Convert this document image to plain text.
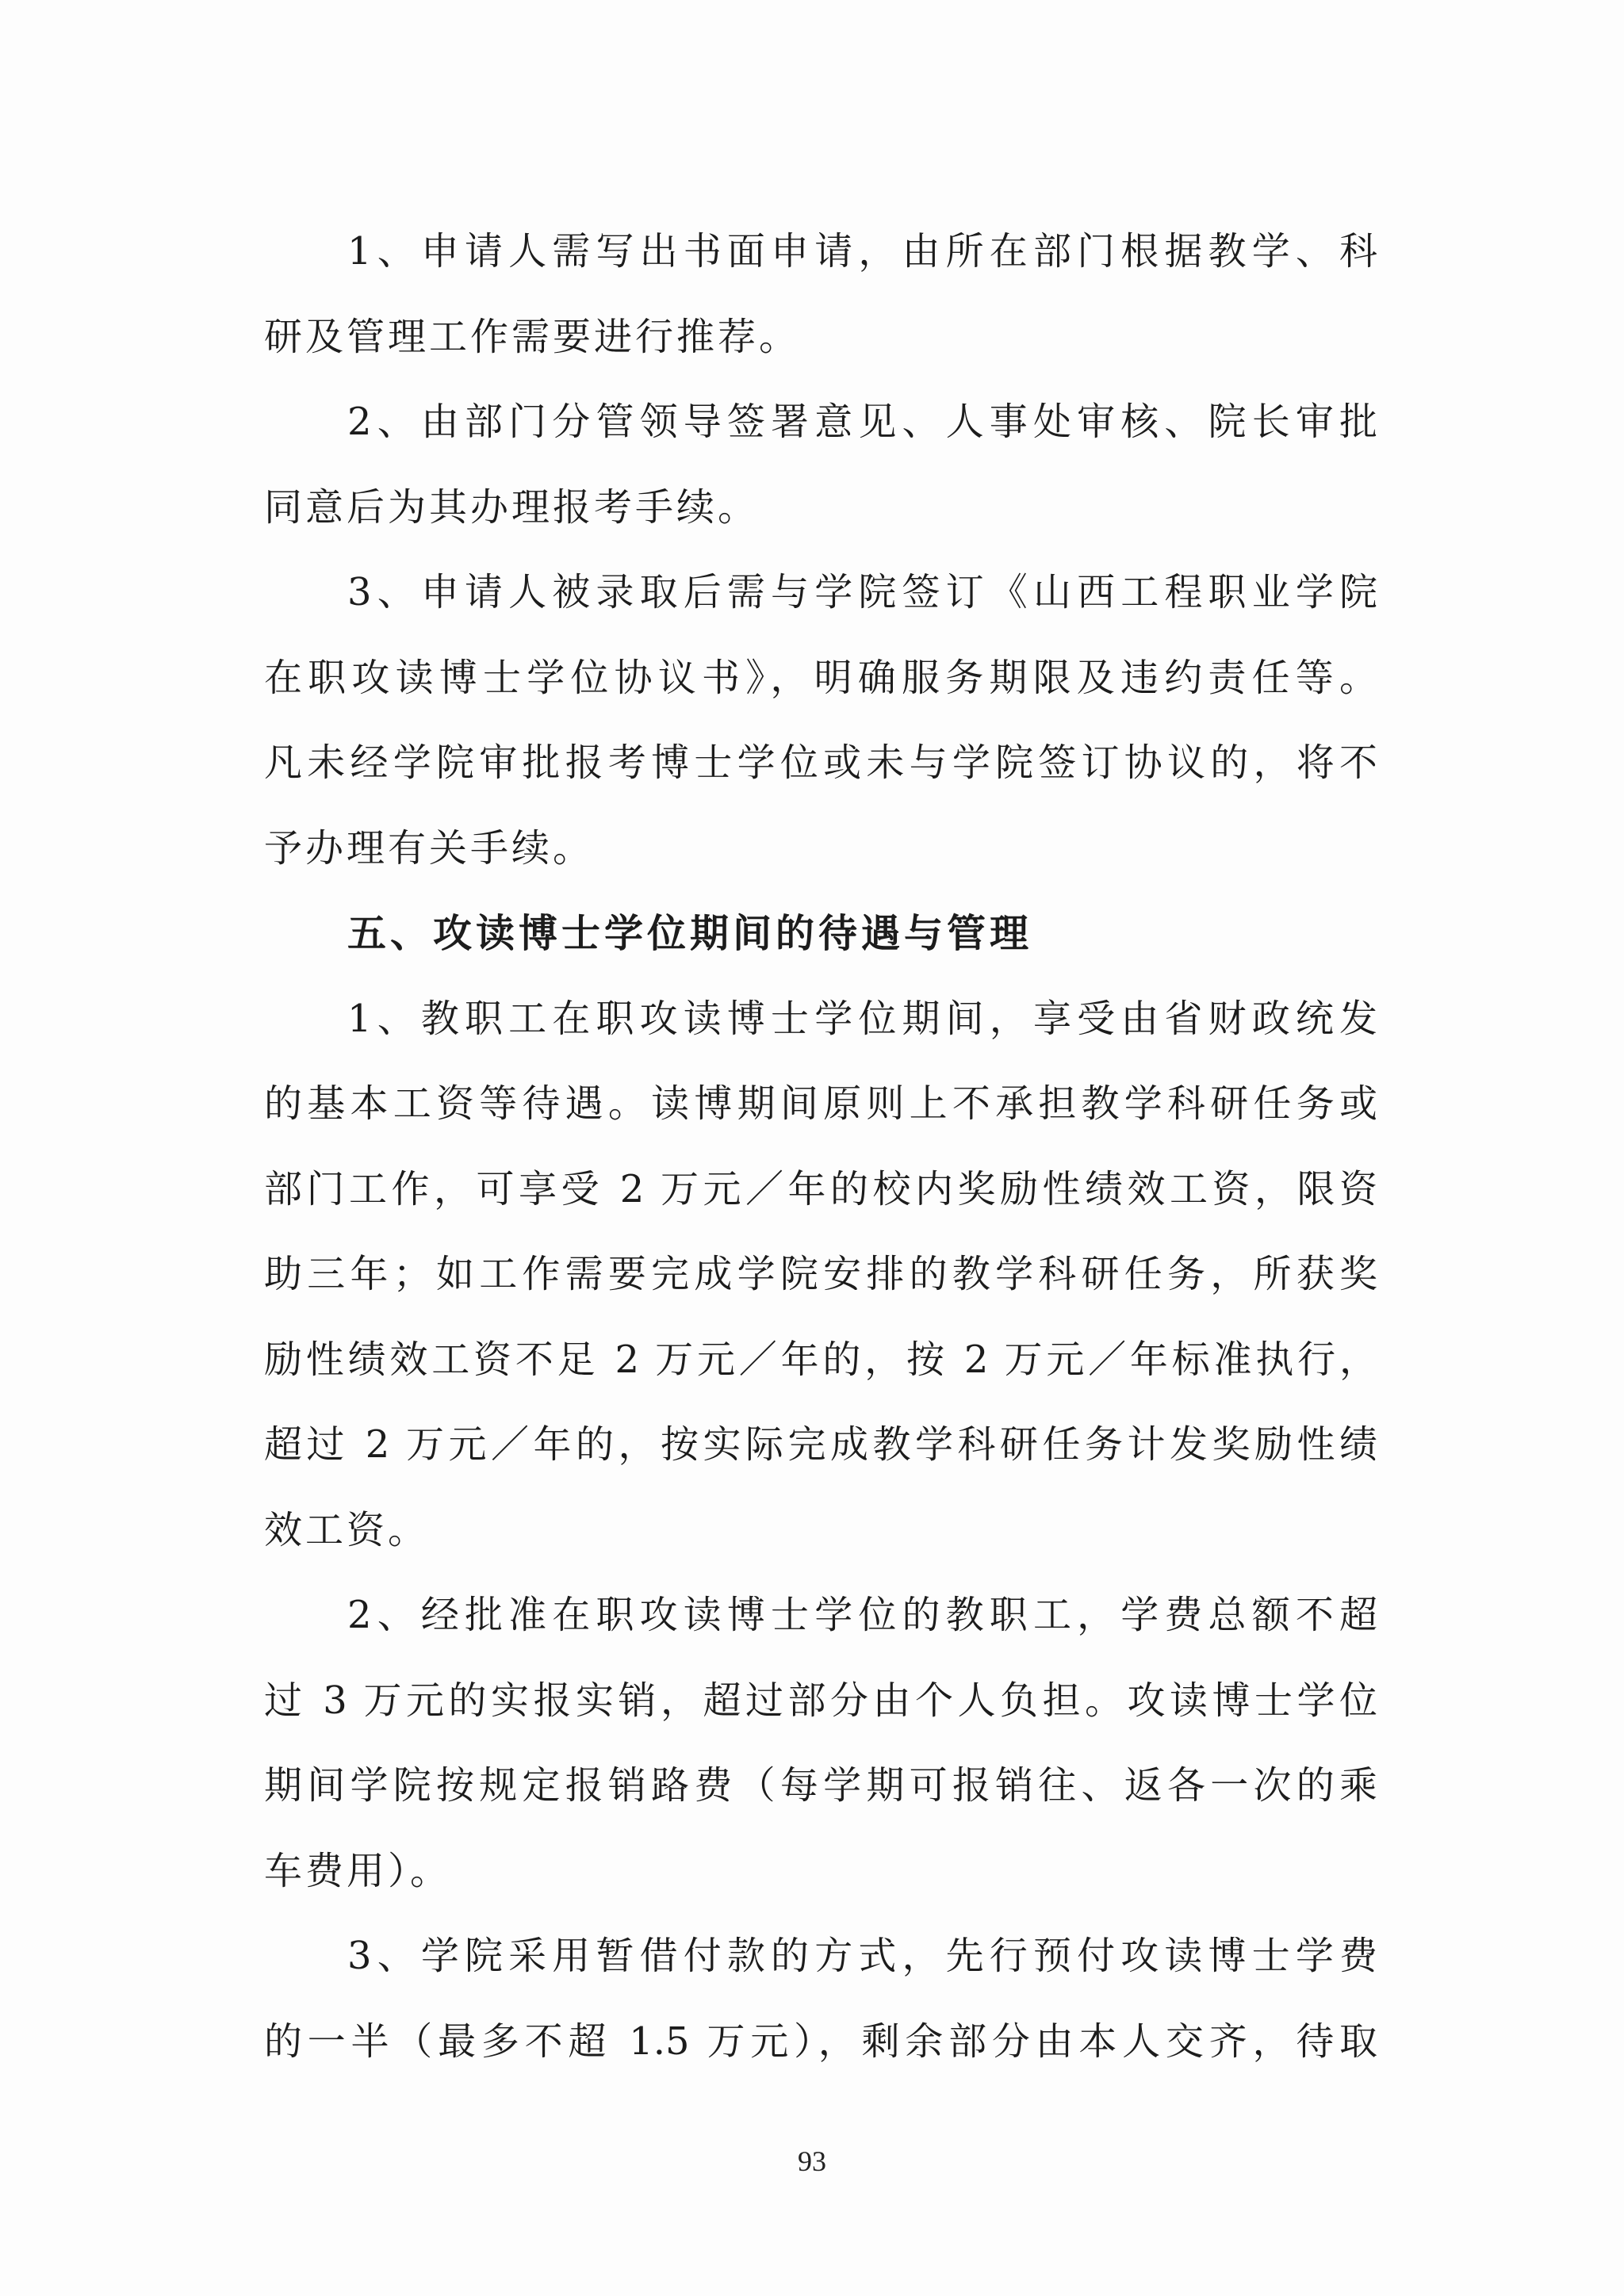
1、申请人需写出书面申请，由所在部门根据教学、科
研及管理工作需要进行推荐。
2、由部门分管领导签署意见、人事处审核、院长审批
同意后为其办理报考手续。
3、申请人被录取后需与学院签订《山西工程职业学院
在职攻读博士学位协议书》，明确服务期限及违约责任等。
凡未经学院审批报考博士学位或未与学院签订协议的，将不
予办理有关手续。
五、攻读博士学位期间的待遇与管理
1、教职工在职攻读博士学位期间，享受由省财政统发
的基本工资等待遇。读博期间原则上不承担教学科研任务或
部门工作，可享受 2 万元／年的校内奖励性绩效工资，限资
助三年；如工作需要完成学院安排的教学科研任务，所获奖
励性绩效工资不足 2 万元／年的，按 2 万元／年标准执行，
超过 2 万元／年的，按实际完成教学科研任务计发奖励性绩
效工资。
2、经批准在职攻读博士学位的教职工，学费总额不超
过 3 万元的实报实销，超过部分由个人负担。攻读博士学位
期间学院按规定报销路费（每学期可报销往、返各一次的乘
车费用）。
3、学院采用暂借付款的方式，先行预付攻读博士学费
的一半（最多不超 1.5 万元），剩余部分由本人交齐，待取
93
